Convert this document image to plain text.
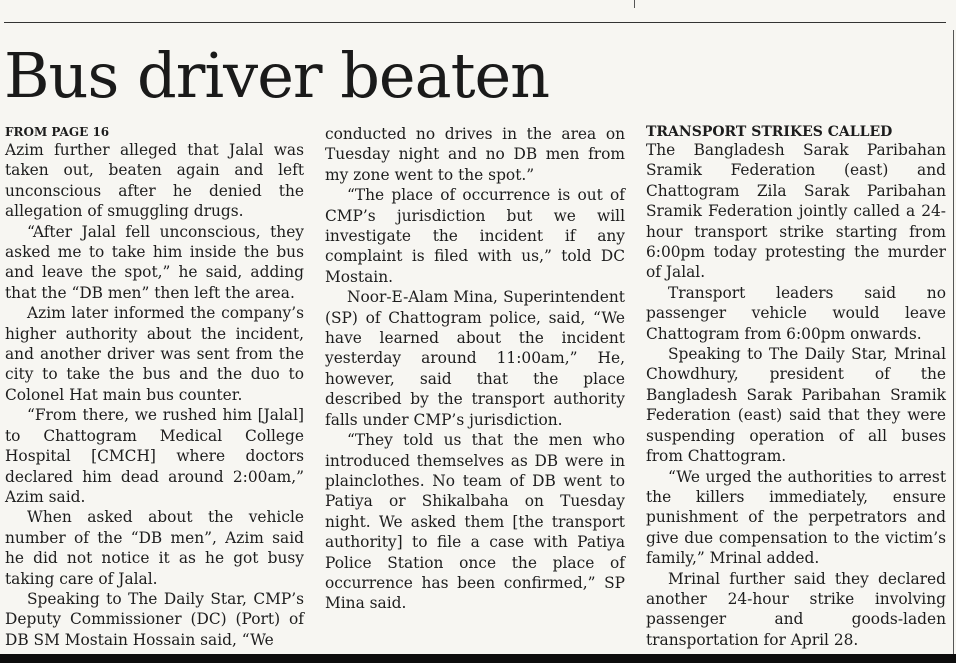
Bus driver beaten
FROM PAGE 16

Azim further alleged that Jalal was taken out, beaten again and left unconscious after he denied the allegation of smuggling drugs.

“After Jalal fell unconscious, they asked me to take him inside the bus and leave the spot,” he said, adding that the “DB men” then left the area.

Azim later informed the company’s higher authority about the incident, and another driver was sent from the city to take the bus and the duo to Colonel Hat main bus counter.

“From there, we rushed him [Jalal] to Chattogram Medical College Hospital [CMCH] where doctors declared him dead around 2:00am,” Azim said.

When asked about the vehicle number of the “DB men”, Azim said he did not notice it as he got busy taking care of Jalal.

Speaking to The Daily Star, CMP’s Deputy Commissioner (DC) (Port) of DB SM Mostain Hossain said, “We

conducted no drives in the area on Tuesday night and no DB men from my zone went to the spot.”

“The place of occurrence is out of CMP’s jurisdiction but we will investigate the incident if any complaint is filed with us,” told DC Mostain.

Noor-E-Alam Mina, Superintendent (SP) of Chattogram police, said, “We have learned about the incident yesterday around 11:00am,” He, however, said that the place described by the transport authority falls under CMP’s jurisdiction.

“They told us that the men who introduced themselves as DB were in plainclothes. No team of DB went to Patiya or Shikalbaha on Tuesday night. We asked them [the transport authority] to file a case with Patiya Police Station once the place of occurrence has been confirmed,” SP Mina said.

TRANSPORT STRIKES CALLED

The Bangladesh Sarak Paribahan Sramik Federation (east) and Chattogram Zila Sarak Paribahan Sramik Federation jointly called a 24-hour transport strike starting from 6:00pm today protesting the murder of Jalal.

Transport leaders said no passenger vehicle would leave Chattogram from 6:00pm onwards.

Speaking to The Daily Star, Mrinal Chowdhury, president of the Bangladesh Sarak Paribahan Sramik Federation (east) said that they were suspending operation of all buses from Chattogram.

“We urged the authorities to arrest the killers immediately, ensure punishment of the perpetrators and give due compensation to the victim’s family,” Mrinal added.

Mrinal further said they declared another 24-hour strike involving passenger and goods-laden transportation for April 28.
